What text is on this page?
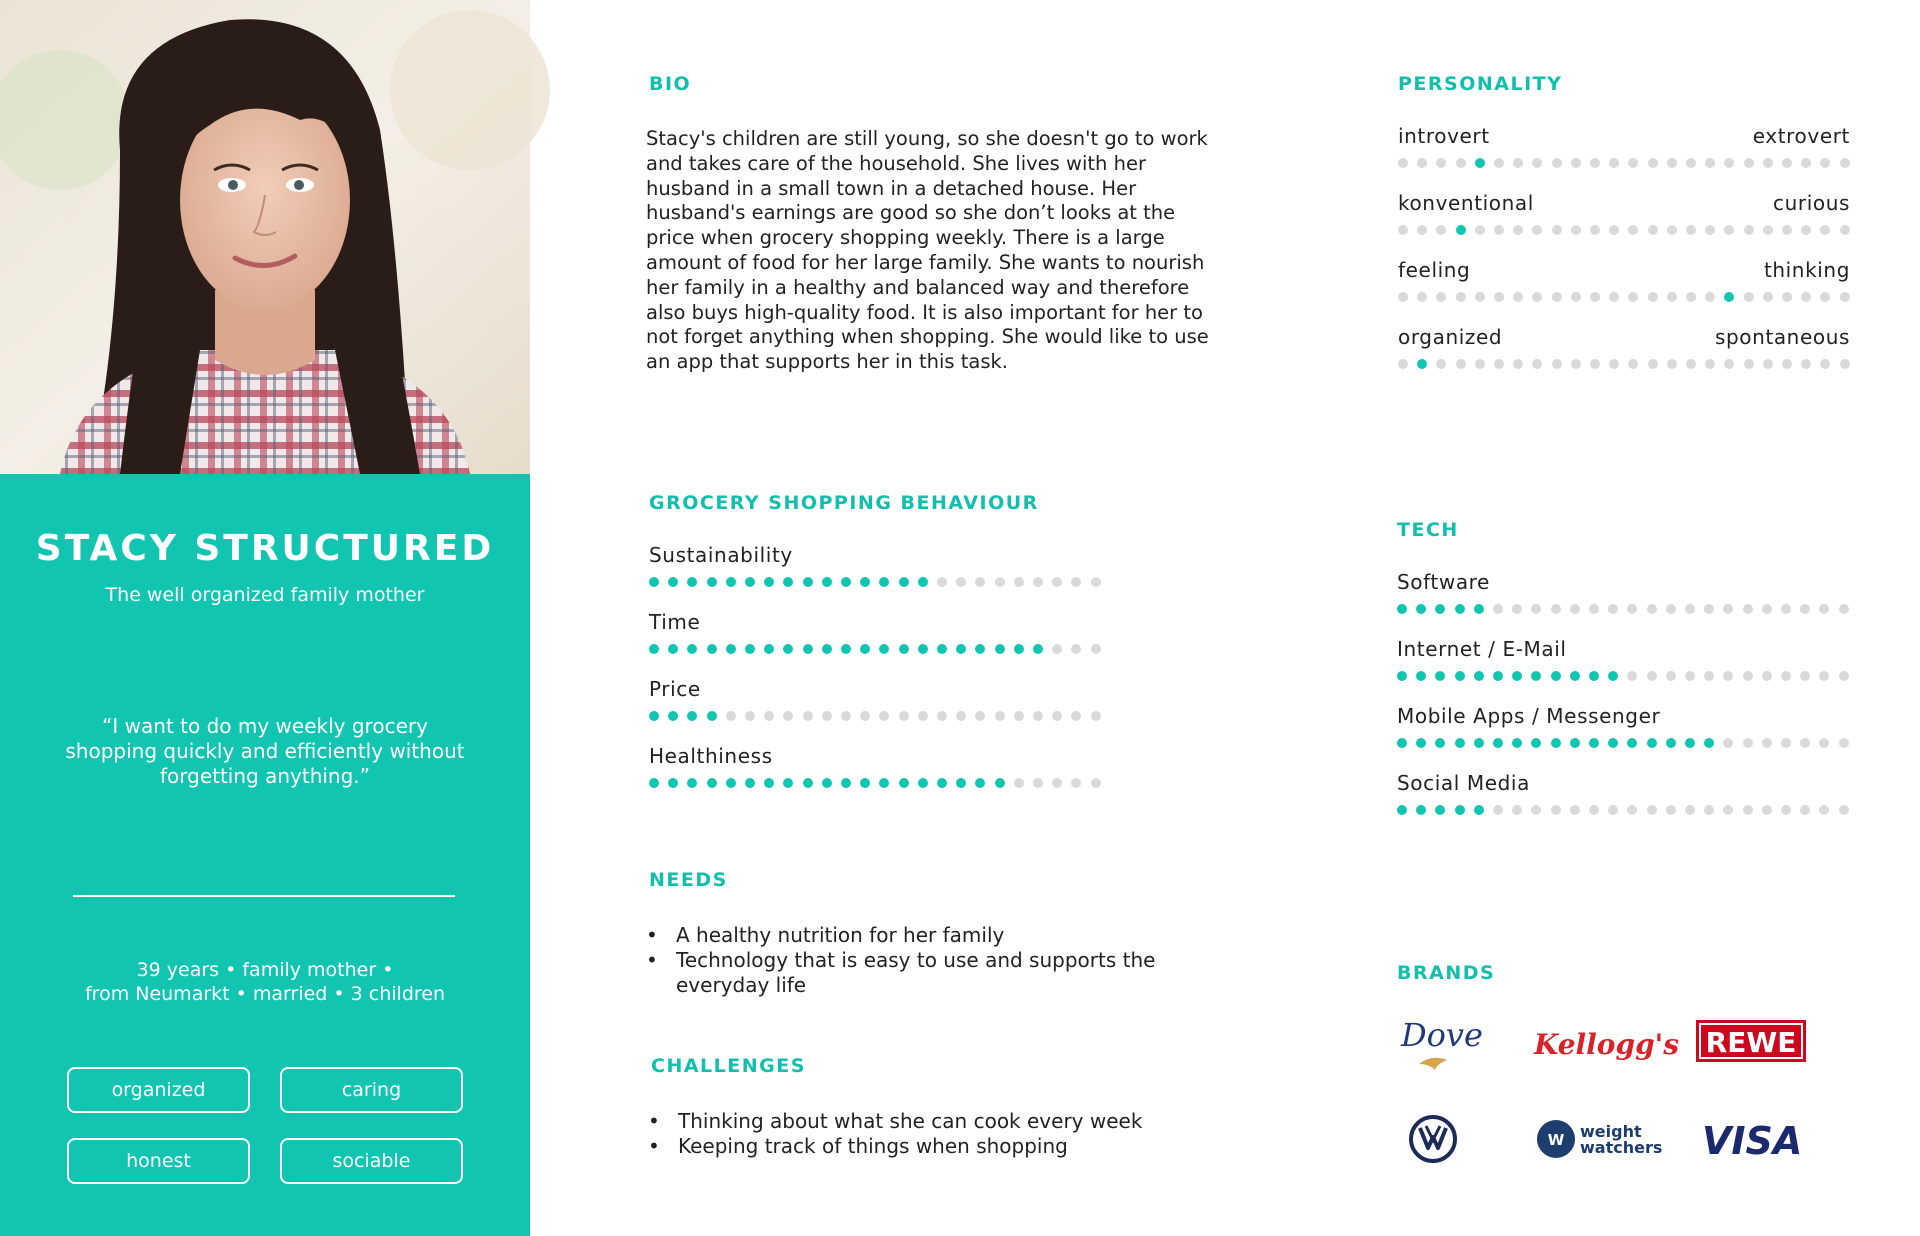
STACY STRUCTURED
The well organized family mother
“I want to do my weekly grocery shopping quickly and efficiently without forgetting anything.”
39 years • family mother •
from Neumarkt • married • 3 children
organized	caring
honest	sociable
BIO
Stacy's children are still young, so she doesn't go to work and takes care of the household. She lives with her husband in a small town in a detached house. Her husband's earnings are good so she don’t looks at the price when grocery shopping weekly. There is a large amount of food for her large family. She wants to nourish her family in a healthy and balanced way and therefore also buys high-quality food. It is also important for her to not forget anything when shopping. She would like to use an app that supports her in this task.
PERSONALITY
introvert	extrovert
konventional	curious
feeling	thinking
organized	spontaneous
GROCERY SHOPPING BEHAVIOUR
Sustainability
Time
Price
Healthiness
TECH
Software
Internet / E-Mail
Mobile Apps / Messenger
Social Media
NEEDS
• A healthy nutrition for her family
• Technology that is easy to use and supports the everyday life
CHALLENGES
• Thinking about what she can cook every week
• Keeping track of things when shopping
BRANDS
Dove Kellogg's REWE
W weight
watchers VISA
